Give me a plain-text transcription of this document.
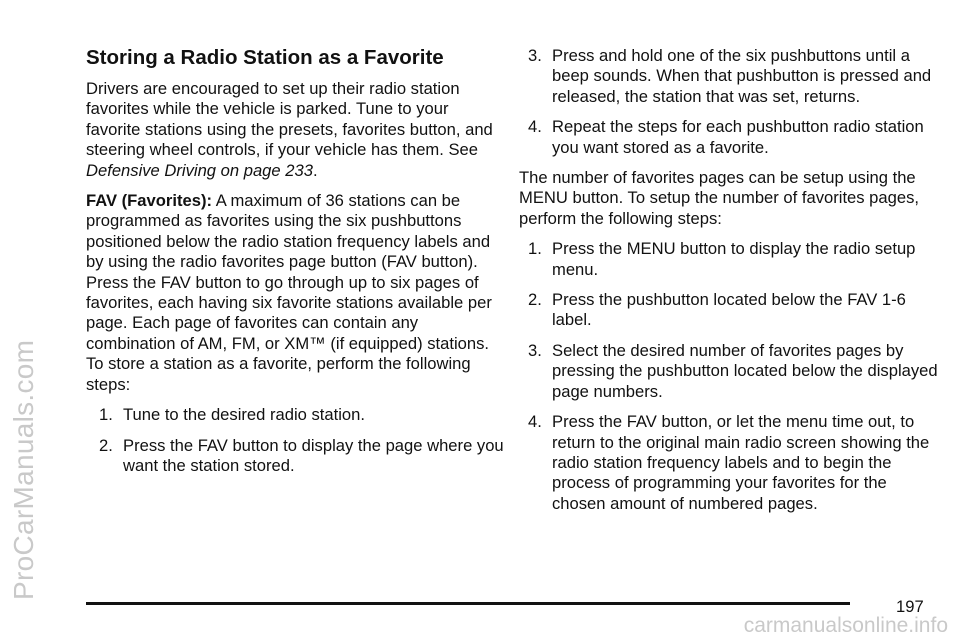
ProCarManuals.com
Storing a Radio Station as a Favorite

Drivers are encouraged to set up their radio station favorites while the vehicle is parked. Tune to your favorite stations using the presets, favorites button, and steering wheel controls, if your vehicle has them. See Defensive Driving on page 233.

FAV (Favorites): A maximum of 36 stations can be programmed as favorites using the six pushbuttons positioned below the radio station frequency labels and by using the radio favorites page button (FAV button). Press the FAV button to go through up to six pages of favorites, each having six favorite stations available per page. Each page of favorites can contain any combination of AM, FM, or XM™ (if equipped) stations. To store a station as a favorite, perform the following steps:

1. Tune to the desired radio station.
2. Press the FAV button to display the page where you want the station stored.
3. Press and hold one of the six pushbuttons until a beep sounds. When that pushbutton is pressed and released, the station that was set, returns.
4. Repeat the steps for each pushbutton radio station you want stored as a favorite.

The number of favorites pages can be setup using the MENU button. To setup the number of favorites pages, perform the following steps:

1. Press the MENU button to display the radio setup menu.
2. Press the pushbutton located below the FAV 1-6 label.
3. Select the desired number of favorites pages by pressing the pushbutton located below the displayed page numbers.
4. Press the FAV button, or let the menu time out, to return to the original main radio screen showing the radio station frequency labels and to begin the process of programming your favorites for the chosen amount of numbered pages.
197
carmanualsonline.info
